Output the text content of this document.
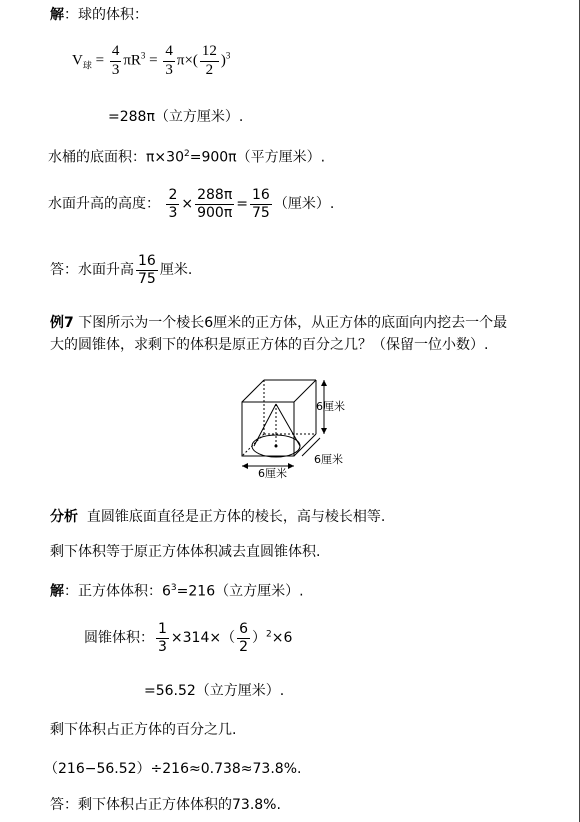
解：球的体积：
$V_球 = \frac{4}{3} \pi R^3 = \frac{4}{3} \pi\times( \frac{12}{2} )^3$
=288π（立方厘米）.
水桶的底面积：$\pi\times 30^2=900\pi$（平方厘米）.
水面升高的高度： $\frac{2}{3} \times \frac{288\pi}{900\pi} = \frac{16}{75}$ （厘米）.
答：水面升高 $\frac{16}{75}$ 厘米.
例7 下图所示为一个棱长6厘米的正方体，从正方体的底面向内挖去一个最
大的圆锥体，求剩下的体积是原正方体的百分之几？（保留一位小数）.
6厘米
6厘米
6厘米
分析 直圆锥底面直径是正方体的棱长，高与棱长相等.
剩下体积等于原正方体体积减去直圆锥体积.
解：正方体体积：$6^3=216$（立方厘米）.
圆锥体积： $\frac{1}{3} \times 314\times( \frac{6}{2} )^2\times 6$
=56.52（立方厘米）.
剩下体积占正方体的百分之几.
（216−56.52）÷216≈0.738≈73.8%.
答：剩下体积占正方体体积的73.8%.
